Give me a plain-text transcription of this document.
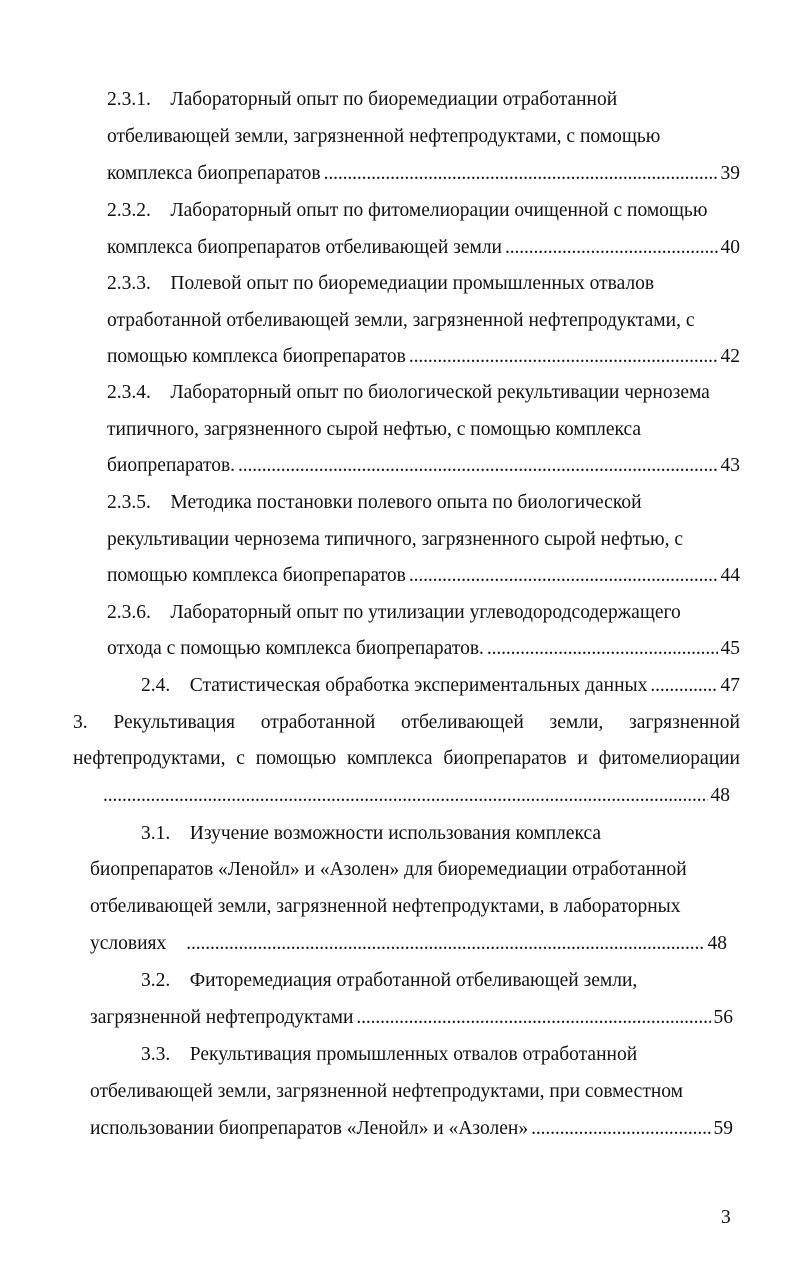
2.3.1. Лабораторный опыт по биоремедиации отработанной
отбеливающей земли, загрязненной нефтепродуктами, с помощью
комплекса биопрепаратов . . .	39
2.3.2. Лабораторный опыт по фитомелиорации очищенной с помощью
комплекса биопрепаратов отбеливающей земли . . .	40
2.3.3. Полевой опыт по биоремедиации промышленных отвалов
отработанной отбеливающей земли, загрязненной нефтепродуктами, с
помощью комплекса биопрепаратов . . .	42
2.3.4. Лабораторный опыт по биологической рекультивации чернозема
типичного, загрязненного сырой нефтью, с помощью комплекса
биопрепаратов. . . .	43
2.3.5. Методика постановки полевого опыта по биологической
рекультивации чернозема типичного, загрязненного сырой нефтью, с
помощью комплекса биопрепаратов . . .	44
2.3.6. Лабораторный опыт по утилизации углеводородсодержащего
отхода с помощью комплекса биопрепаратов. . . .	45
2.4.
Статистическая обработка экспериментальных данных . . .	47
3. Рекультивация отработанной отбеливающей земли, загрязненной
нефтепродуктами, с помощью комплекса биопрепаратов и фитомелиорации
. . .
48
3.1. Изучение возможности использования комплекса
биопрепаратов «Ленойл» и «Азолен» для биоремедиации отработанной
отбеливающей земли, загрязненной нефтепродуктами, в лабораторных
условиях . . .	48
3.2. Фиторемедиация отработанной отбеливающей земли,
загрязненной нефтепродуктами . . .	56
3.3. Рекультивация промышленных отвалов отработанной
отбеливающей земли, загрязненной нефтепродуктами, при совместном
использовании биопрепаратов «Ленойл» и «Азолен» . . .	59
3
